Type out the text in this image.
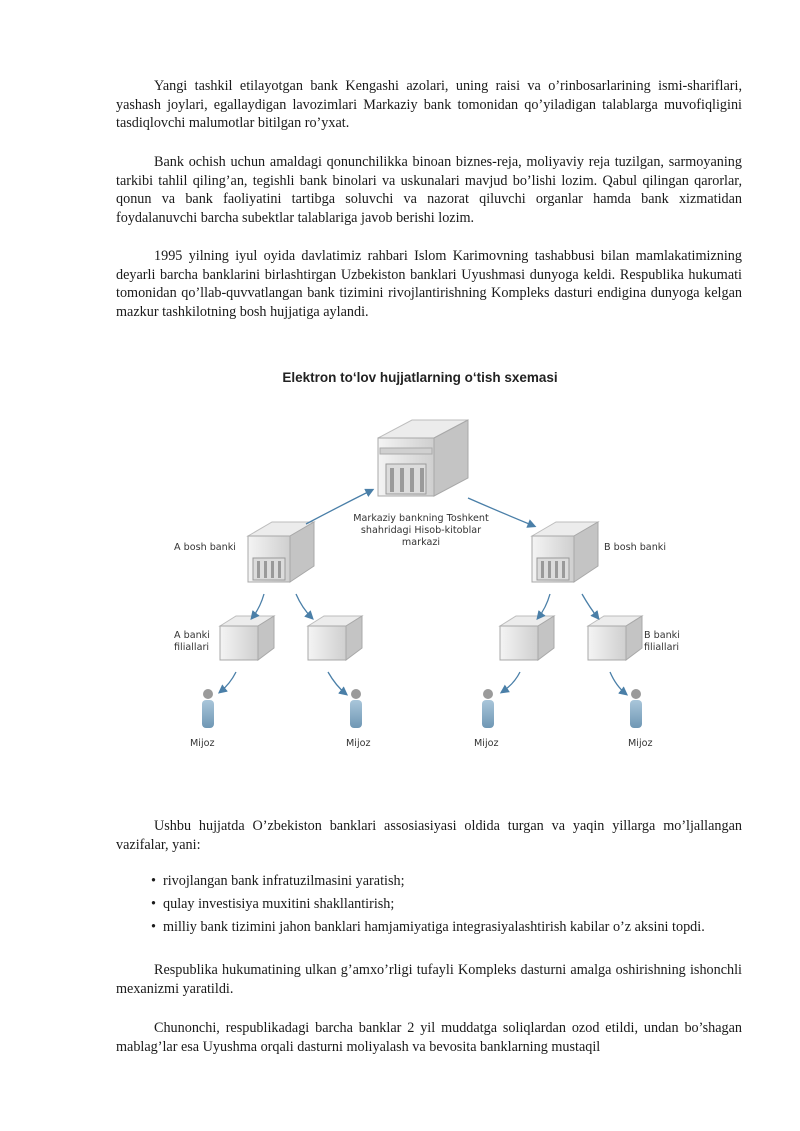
Yangi tashkil etilayotgan bank Kengashi azolari, uning raisi va o’rinbosarlarining ismi-shariflari, yashash joylari, egallaydigan lavozimlari Markaziy bank tomonidan qo’yiladigan talablarga muvofiqligini tasdiqlovchi malumotlar bitilgan ro’yxat.

Bank ochish uchun amaldagi qonunchilikka binoan biznes-reja, moliyaviy reja tuzilgan, sarmoyaning tarkibi tahlil qiling’an, tegishli bank binolari va uskunalari mavjud bo’lishi lozim. Qabul qilingan qarorlar, qonun va bank faoliyatini tartibga soluvchi va nazorat qiluvchi organlar hamda bank xizmatidan foydalanuvchi barcha subektlar talablariga javob berishi lozim.

1995 yilning iyul oyida davlatimiz rahbari Islom Karimovning tashabbusi bilan mamlakatimizning deyarli barcha banklarini birlashtirgan Uzbekiston banklari Uyushmasi dunyoga keldi. Respublika hukumati tomonidan qo’llab-quvvatlangan bank tizimini rivojlantirishning Kompleks dasturi endigina dunyoga kelgan mazkur tashkilotning bosh hujjatiga aylandi.

Elektron to‘lov hujjatlarning o‘tish sxemasi
Markaziy bankning Toshkent shahridagi Hisob-kitoblar markazi
A bosh banki	B bosh banki
A banki filiallari
B banki filiallari
Mijoz	Mijoz	Mijoz	Mijoz

Ushbu hujjatda O’zbekiston banklari assosiasiyasi oldida turgan va yaqin yillarga mo’ljallangan vazifalar, yani:

• rivojlangan bank infratuzilmasini yaratish;
• qulay investisiya muxitini shakllantirish;
• milliy bank tizimini jahon banklari hamjamiyatiga integrasiyalashtirish kabilar o’z aksini topdi.

Respublika hukumatining ulkan g’amxo’rligi tufayli Kompleks dasturni amalga oshirishning ishonchli mexanizmi yaratildi.

Chunonchi, respublikadagi barcha banklar 2 yil muddatga soliqlardan ozod etildi, undan bo’shagan mablag’lar esa Uyushma orqali dasturni moliyalash va bevosita banklarning mustaqil
